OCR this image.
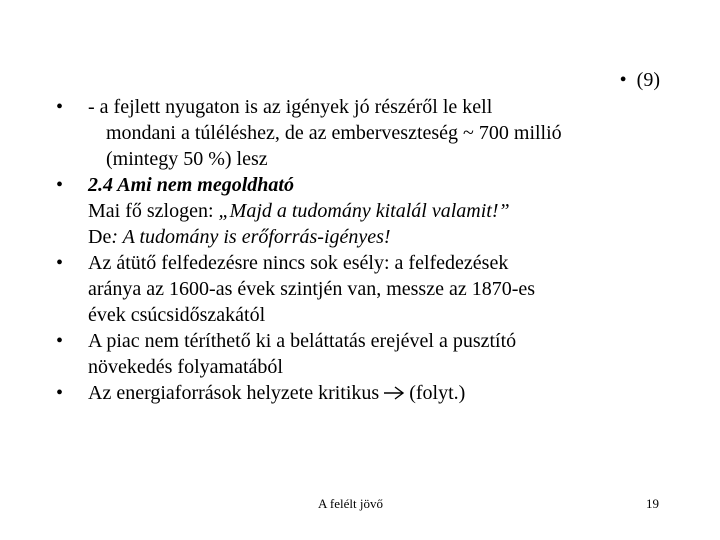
• (9)
• - a fejlett nyugaton is az igények jó részéről le kell
mondani a túléléshez, de az emberveszteség ~ 700 millió
(mintegy 50 %) lesz
• 2.4 Ami nem megoldható
Mai fő szlogen: „Majd a tudomány kitalál valamit!”
De: A tudomány is erőforrás-igényes!
• Az átütő felfedezésre nincs sok esély: a felfedezések
aránya az 1600-as évek szintjén van, messze az 1870-es
évek csúcsidőszakától
• A piac nem téríthető ki a beláttatás erejével a pusztító
növekedés folyamatából
• Az energiaforrások helyzete kritikus (folyt.)
A felélt jövő	19
